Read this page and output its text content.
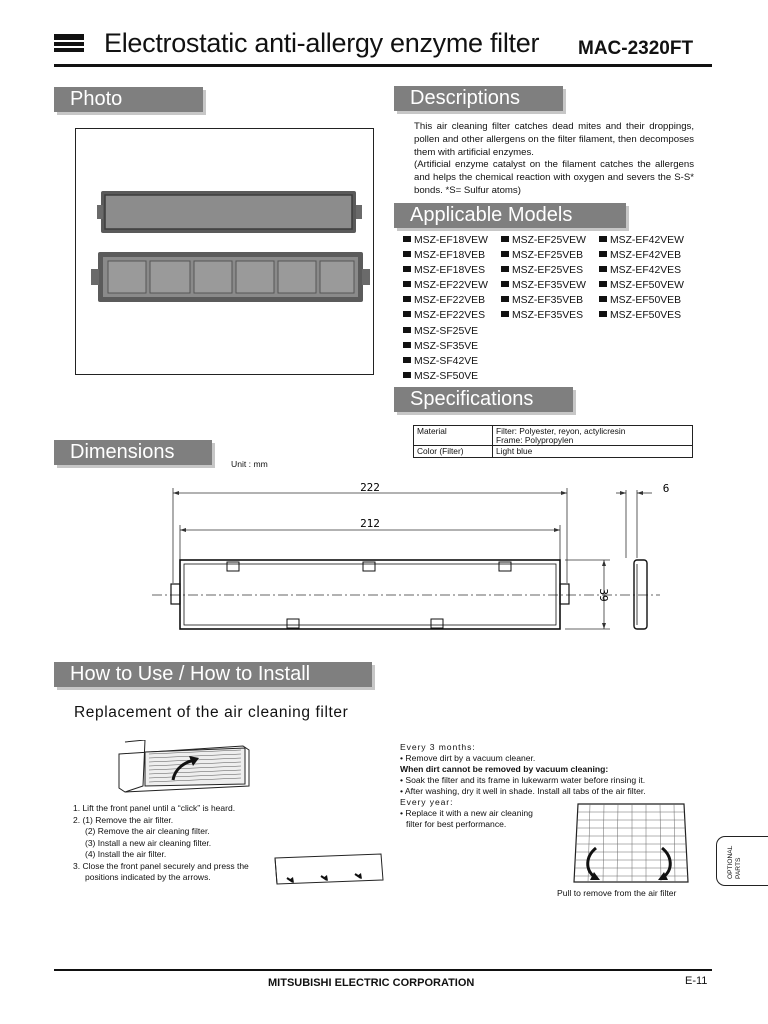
Electrostatic anti-allergy enzyme filter MAC-2320FT
Photo	Descriptions

This air cleaning filter catches dead mites and their droppings, pollen and other allergens on the filter filament, then decomposes them with artificial enzymes.

(Artificial enzyme catalyst on the filament catches the allergens and helps the chemical reaction with oxygen and severs the S-S* bonds. *S= Sulfur atoms)

Applicable Models
MSZ-EF18VEW
MSZ-EF18VEB
MSZ-EF18VES
MSZ-EF22VEW
MSZ-EF22VEB
MSZ-EF22VES
MSZ-SF25VE
MSZ-SF35VE
MSZ-SF42VE
MSZ-SF50VE
MSZ-EF25VEW
MSZ-EF25VEB
MSZ-EF25VES
MSZ-EF35VEW
MSZ-EF35VEB
MSZ-EF35VES
MSZ-EF42VEW
MSZ-EF42VEB
MSZ-EF42VES
MSZ-EF50VEW
MSZ-EF50VEB
MSZ-EF50VES
Specifications
Material	Filter: Polyester, reyon, actylicresin
Frame: Polypropylen

Color (Filter)	Light blue
Dimensions
Unit : mm
222
212
39
6
How to Use / How to Install
Replacement of the air cleaning filter
1. Lift the front panel until a “click” is heard.
2. (1) Remove the air filter.
(2) Remove the air cleaning filter.
(3) Install a new air cleaning filter.
(4) Install the air filter.
3. Close the front panel securely and press the
positions indicated by the arrows.
Every 3 months:
• Remove dirt by a vacuum cleaner.
When dirt cannot be removed by vacuum cleaning:
• Soak the filter and its frame in lukewarm water before rinsing it.
• After washing, dry it well in shade. Install all tabs of the air filter.
Every year:
• Replace it with a new air cleaning
filter for best performance.
Pull to remove from the air filter
OPTIONAL
PARTS
MITSUBISHI ELECTRIC CORPORATION	E-11
